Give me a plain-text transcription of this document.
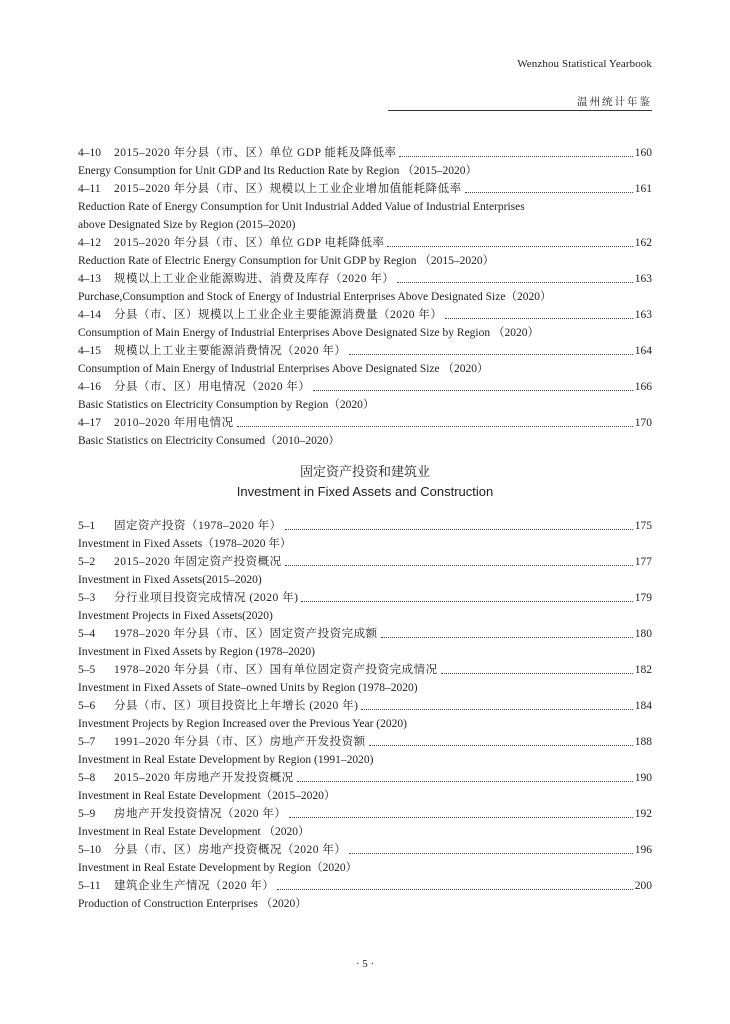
Wenzhou Statistical Yearbook
温州统计年鉴
4–10	2015–2020 年分县（市、区）单位 GDP 能耗及降低率	160
Energy Consumption for Unit GDP and Its Reduction Rate by Region （2015–2020）
4–11	2015–2020 年分县（市、区）规模以上工业企业增加值能耗降低率	161
Reduction Rate of Energy Consumption for Unit Industrial Added Value of Industrial Enterprises
above Designated Size by Region (2015–2020)
4–12	2015–2020 年分县（市、区）单位 GDP 电耗降低率	162
Reduction Rate of Electric Energy Consumption for Unit GDP by Region （2015–2020）
4–13	规模以上工业企业能源购进、消费及库存（2020 年）	163
Purchase,Consumption and Stock of Energy of Industrial Enterprises Above Designated Size（2020）
4–14	分县（市、区）规模以上工业企业主要能源消费量（2020 年）	163
Consumption of Main Energy of Industrial Enterprises Above Designated Size by Region （2020）
4–15	规模以上工业主要能源消费情况（2020 年）	164
Consumption of Main Energy of Industrial Enterprises Above Designated Size （2020）
4–16	分县（市、区）用电情况（2020 年）	166
Basic Statistics on Electricity Consumption by Region（2020）
4–17	2010–2020 年用电情况	170
Basic Statistics on Electricity Consumed（2010–2020）
固定资产投资和建筑业
Investment in Fixed Assets and Construction
5–1	固定资产投资（1978–2020 年）	175
Investment in Fixed Assets（1978–2020 年）
5–2	2015–2020 年固定资产投资概况	177
Investment in Fixed Assets(2015–2020)
5–3	分行业项目投资完成情况 (2020 年)	179
Investment Projects in Fixed Assets(2020)
5–4	1978–2020 年分县（市、区）固定资产投资完成额	180
Investment in Fixed Assets by Region (1978–2020)
5–5	1978–2020 年分县（市、区）国有单位固定资产投资完成情况	182
Investment in Fixed Assets of State–owned Units by Region (1978–2020)
5–6	分县（市、区）项目投资比上年增长 (2020 年)	184
Investment Projects by Region Increased over the Previous Year (2020)
5–7	1991–2020 年分县（市、区）房地产开发投资额	188
Investment in Real Estate Development by Region (1991–2020)
5–8	2015–2020 年房地产开发投资概况	190
Investment in Real Estate Development（2015–2020）
5–9	房地产开发投资情况（2020 年）	192
Investment in Real Estate Development （2020）
5–10	分县（市、区）房地产投资概况（2020 年）	196
Investment in Real Estate Development by Region（2020）
5–11	建筑企业生产情况（2020 年）	200
Production of Construction Enterprises （2020）
· 5 ·
